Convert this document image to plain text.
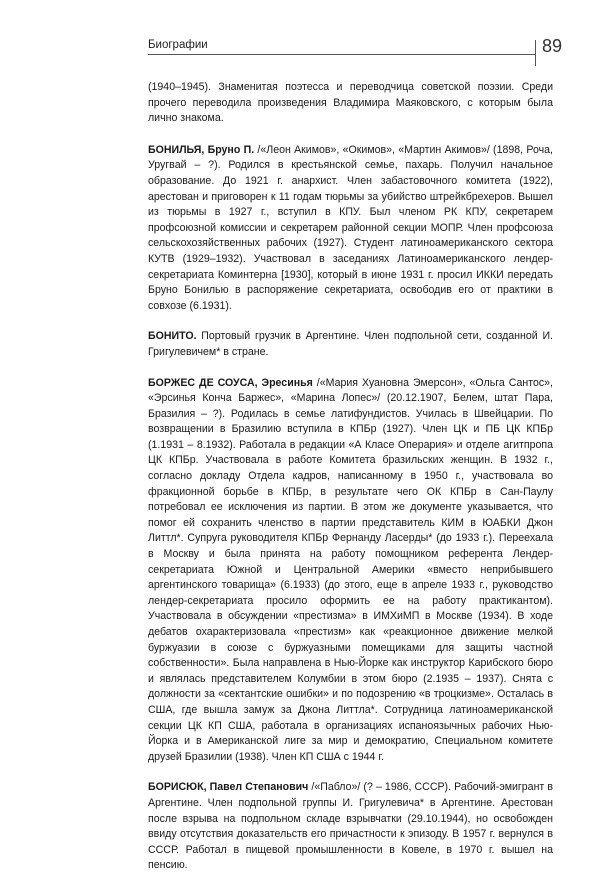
Биографии	89

(1940–1945). Знаменитая поэтесса и переводчица советской поэзии. Среди прочего переводила произведения Владимира Маяковского, с которым была лично знакома.

БОНИЛЬЯ, Бруно П. /«Леон Акимов», «Окимов», «Мартин Акимов»/ (1898, Роча, Уругвай – ?). Родился в крестьянской семье, пахарь. Получил начальное образование. До 1921 г. анархист. Член забастовочного комитета (1922), арестован и приговорен к 11 годам тюрьмы за убийство штрейкбрехеров. Вышел из тюрьмы в 1927 г., вступил в КПУ. Был членом РК КПУ, секретарем профсоюзной комиссии и секретарем районной секции МОПР. Член профсоюза сельскохозяйственных рабочих (1927). Студент латиноамериканского сектора КУТВ (1929–1932). Участвовал в заседаниях Латиноамериканского лендер-секретариата Коминтерна [1930], который в июне 1931 г. просил ИККИ передать Бруно Бонилью в распоряжение секретариата, освободив его от практики в совхозе (6.1931).

БОНИТО. Портовый грузчик в Аргентине. Член подпольной сети, созданной И. Григулевичем* в стране.

БОРЖЕС ДЕ СОУСА, Эресинья /«Мария Хуановна Эмерсон», «Ольга Сантос», «Эрсинья Конча Баржес», «Марина Лопес»/ (20.12.1907, Белем, штат Пара, Бразилия – ?). Родилась в семье латифундистов. Училась в Швейцарии. По возвращении в Бразилию вступила в КПБр (1927). Член ЦК и ПБ ЦК КПБр (1.1931 – 8.1932). Работала в редакции «А Класе Оперария» и отделе агитпропа ЦК КПБр. Участвовала в работе Комитета бразильских женщин. В 1932 г., согласно докладу Отдела кадров, написанному в 1950 г., участвовала во фракционной борьбе в КПБр, в результате чего ОК КПБр в Сан-Паулу потребовал ее исключения из партии. В этом же документе указывается, что помог ей сохранить членство в партии представитель КИМ в ЮАБКИ Джон Литтл*. Супруга руководителя КПБр Фернанду Ласерды* (до 1933 г.). Переехала в Москву и была принята на работу помощником референта Лендер-секретариата Южной и Центральной Америки «вместо неприбывшего аргентинского товарища» (6.1933) (до этого, еще в апреле 1933 г., руководство лендер-секретариата просило оформить ее на работу практикантом). Участвовала в обсуждении «престизма» в ИМХиМП в Москве (1934). В ходе дебатов охарактеризовала «престизм» как «реакционное движение мелкой буржуазии в союзе с буржуазными помещиками для защиты частной собственности». Была направлена в Нью-Йорке как инструктор Карибского бюро и являлась представителем Колумбии в этом бюро (2.1935 – 1937). Снята с должности за «сектантские ошибки» и по подозрению «в троцкизме». Осталась в США, где вышла замуж за Джона Литтла*. Сотрудница латиноамериканской секции ЦК КП США, работала в организациях испаноязычных рабочих Нью-Йорка и в Американской лиге за мир и демократию, Специальном комитете друзей Бразилии (1938). Член КП США с 1944 г.

БОРИСЮК, Павел Степанович /«Пабло»/ (? – 1986, СССР). Рабочий-эмигрант в Аргентине. Член подпольной группы И. Григулевича* в Аргентине. Арестован после взрыва на подпольном складе взрывчатки (29.10.1944), но освобожден ввиду отсутствия доказательств его причастности к эпизоду. В 1957 г. вернулся в СССР. Работал в пищевой промышленности в Ковеле, в 1970 г. вышел на пенсию.
